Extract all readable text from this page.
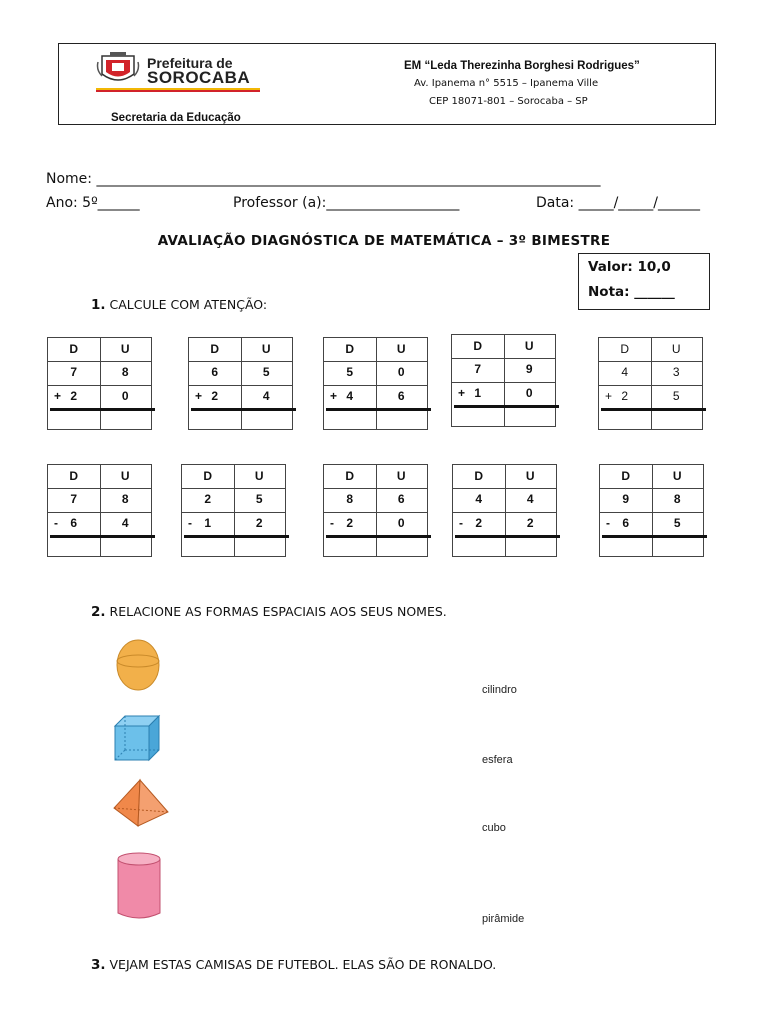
Prefeitura de
SOROCABA
Secretaria da Educação
EM “Leda Therezinha Borghesi Rodrigues”
Av. Ipanema n° 5515 – Ipanema Ville
CEP 18071-801 – Sorocaba – SP
Nome: ________________________________________________________________________
Ano: 5º______	Professor (a):___________________	Data: _____/_____/______
AVALIAÇÃO DIAGNÓSTICA DE MATEMÁTICA – 3º BIMESTRE
Valor: 10,0
Nota: ______
1. CALCULE COM ATENÇÃO:
D	U
7	8
+ 2	0
D	U
6	5
+ 2	4
D	U
5	0
+ 4	6
D	U
7	9
+ 1	0
D	U
4	3
+ 2	5
D	U
7	8
-	6	4
D	U
2	5
-	1	2
D	U
8	6
-	2	0
D	U
4	4
-	2	2
D	U
9	8
-	6	5
2. RELACIONE AS FORMAS ESPACIAIS AOS SEUS NOMES.
cilindro
esfera
cubo
pirâmide
3. VEJAM ESTAS CAMISAS DE FUTEBOL. ELAS SÃO DE RONALDO.
